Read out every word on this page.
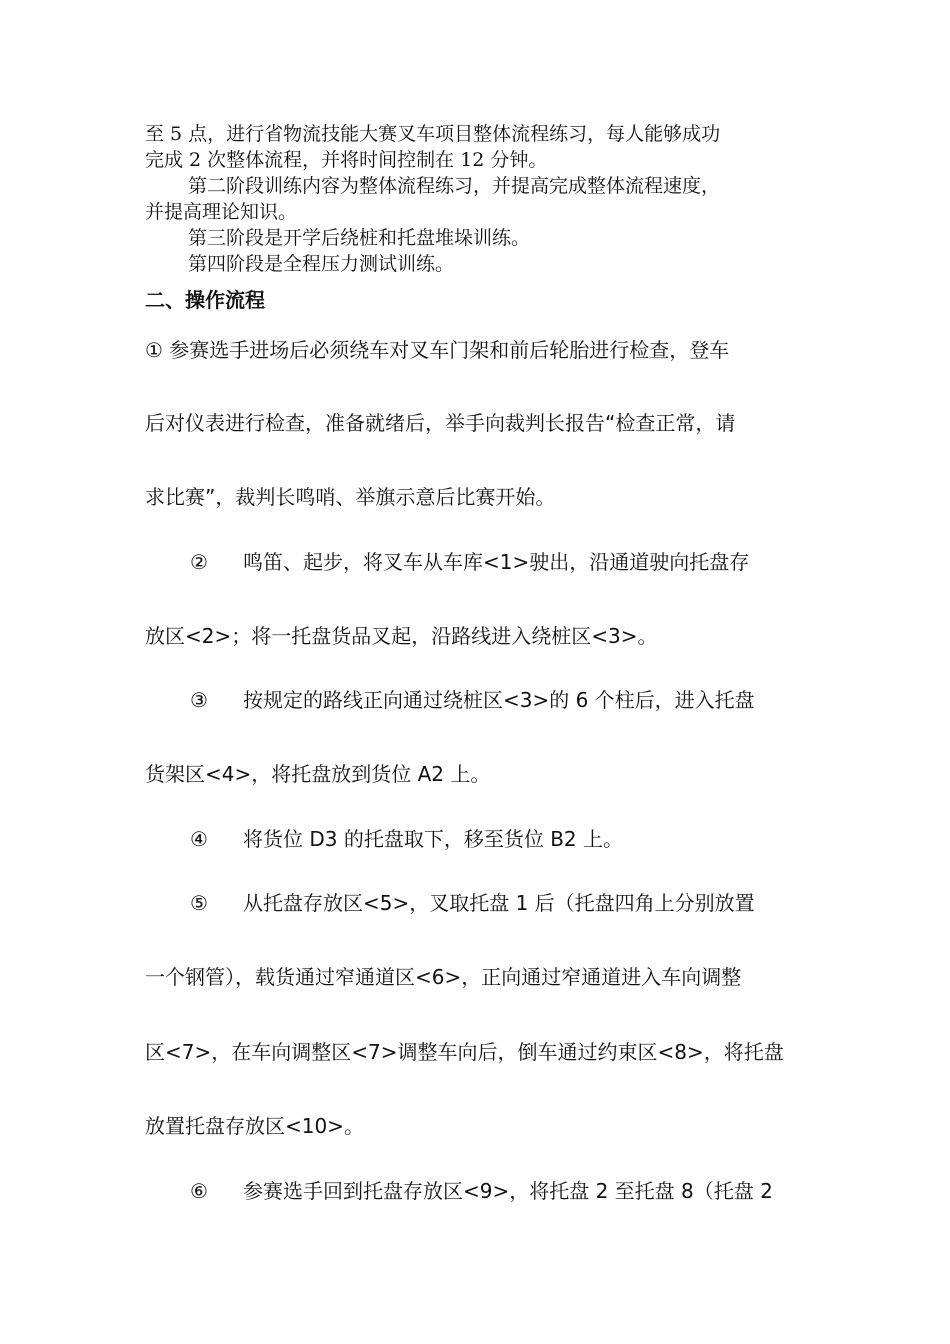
至 5 点，进行省物流技能大赛叉车项目整体流程练习，每人能够成功
完成 2 次整体流程，并将时间控制在 12 分钟。
第二阶段训练内容为整体流程练习，并提高完成整体流程速度，
并提高理论知识。
第三阶段是开学后绕桩和托盘堆垛训练。
第四阶段是全程压力测试训练。
二、操作流程
① 参赛选手进场后必须绕车对叉车门架和前后轮胎进行检查，登车
后对仪表进行检查，准备就绪后，举手向裁判长报告“检查正常，请
求比赛”，裁判长鸣哨、举旗示意后比赛开始。
② 鸣笛、起步，将叉车从车库<1>驶出，沿通道驶向托盘存
放区<2>；将一托盘货品叉起，沿路线进入绕桩区<3>。
③ 按规定的路线正向通过绕桩区<3>的 6 个柱后，进入托盘
货架区<4>，将托盘放到货位 A2 上。
④ 将货位 D3 的托盘取下，移至货位 B2 上。
⑤ 从托盘存放区<5>，叉取托盘 1 后（托盘四角上分别放置
一个钢管），载货通过窄通道区<6>，正向通过窄通道进入车向调整
区<7>，在车向调整区<7>调整车向后，倒车通过约束区<8>，将托盘
放置托盘存放区<10>。
⑥ 参赛选手回到托盘存放区<9>，将托盘 2 至托盘 8（托盘 2
